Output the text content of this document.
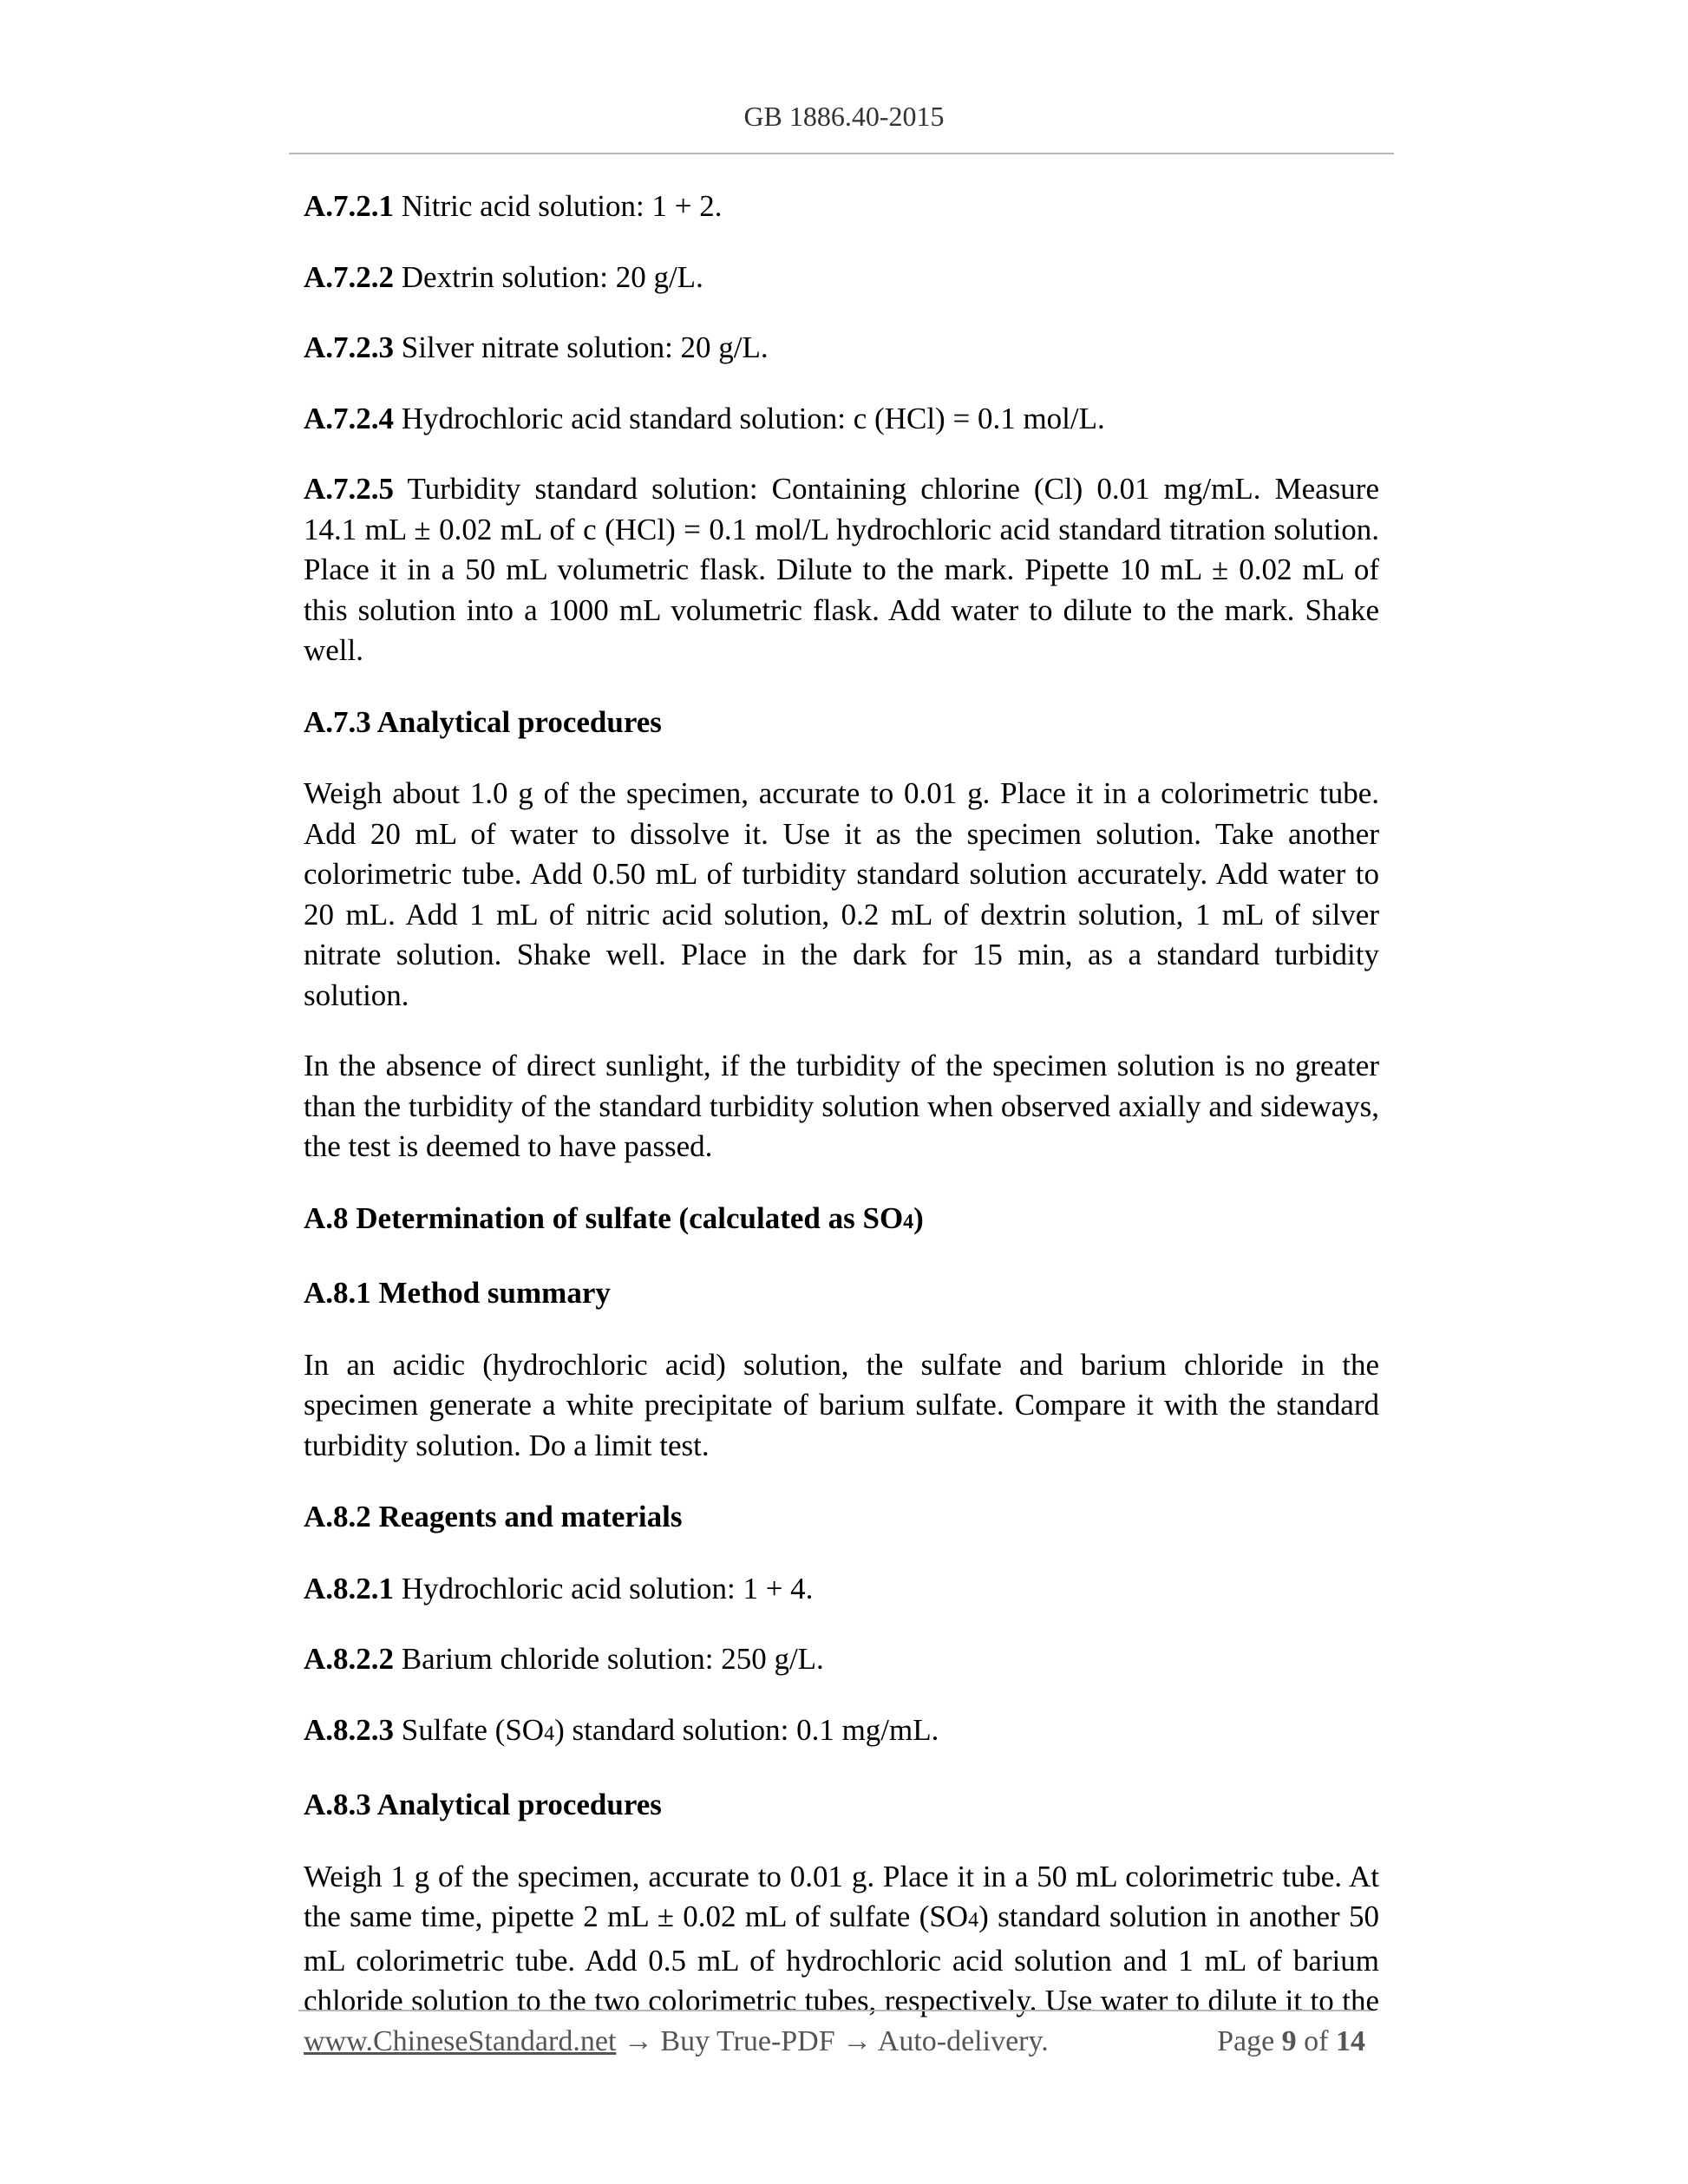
GB 1886.40-2015

A.7.2.1 Nitric acid solution: 1 + 2.

A.7.2.2 Dextrin solution: 20 g/L.

A.7.2.3 Silver nitrate solution: 20 g/L.

A.7.2.4 Hydrochloric acid standard solution: c (HCl) = 0.1 mol/L.

A.7.2.5 Turbidity standard solution: Containing chlorine (Cl) 0.01 mg/mL. Measure 14.1 mL ± 0.02 mL of c (HCl) = 0.1 mol/L hydrochloric acid standard titration solution. Place it in a 50 mL volumetric flask. Dilute to the mark. Pipette 10 mL ± 0.02 mL of this solution into a 1000 mL volumetric flask. Add water to dilute to the mark. Shake well.

A.7.3 Analytical procedures

Weigh about 1.0 g of the specimen, accurate to 0.01 g. Place it in a colorimetric tube. Add 20 mL of water to dissolve it. Use it as the specimen solution. Take another colorimetric tube. Add 0.50 mL of turbidity standard solution accurately. Add water to 20 mL. Add 1 mL of nitric acid solution, 0.2 mL of dextrin solution, 1 mL of silver nitrate solution. Shake well. Place in the dark for 15 min, as a standard turbidity solution.

In the absence of direct sunlight, if the turbidity of the specimen solution is no greater than the turbidity of the standard turbidity solution when observed axially and sideways, the test is deemed to have passed.

A.8 Determination of sulfate (calculated as SO4)

A.8.1 Method summary

In an acidic (hydrochloric acid) solution, the sulfate and barium chloride in the specimen generate a white precipitate of barium sulfate. Compare it with the standard turbidity solution. Do a limit test.

A.8.2 Reagents and materials

A.8.2.1 Hydrochloric acid solution: 1 + 4.

A.8.2.2 Barium chloride solution: 250 g/L.

A.8.2.3 Sulfate (SO4) standard solution: 0.1 mg/mL.

A.8.3 Analytical procedures

Weigh 1 g of the specimen, accurate to 0.01 g. Place it in a 50 mL colorimetric tube. At the same time, pipette 2 mL ± 0.02 mL of sulfate (SO4) standard solution in another 50 mL colorimetric tube. Add 0.5 mL of hydrochloric acid solution and 1 mL of barium chloride solution to the two colorimetric tubes, respectively. Use water to dilute it to the

www.ChineseStandard.net → Buy True-PDF → Auto-delivery.	Page 9 of 14
